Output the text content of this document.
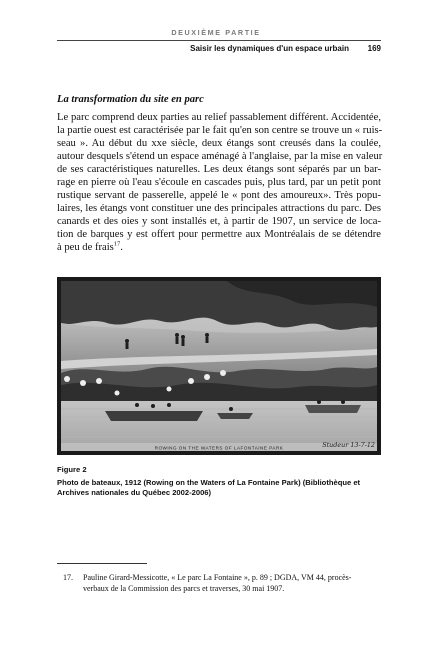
DEUXIÈME PARTIE
Saisir les dynamiques d'un espace urbain 169
La transformation du site en parc
Le parc comprend deux parties au relief passablement différent. Accidentée,
la partie ouest est caractérisée par le fait qu'en son centre se trouve un « ruis-
seau ». Au début du xxe siècle, deux étangs sont creusés dans la coulée,
autour desquels s'étend un espace aménagé à l'anglaise, par la mise en valeur
de ses caractéristiques naturelles. Les deux étangs sont séparés par un bar-
rage en pierre où l'eau s'écoule en cascades puis, plus tard, par un petit pont
rustique servant de passerelle, appelé le « pont des amoureux». Très popu-
laires, les étangs vont constituer une des principales attractions du parc. Des
canards et des oies y sont installés et, à partir de 1907, un service de loca-
tion de barques y est offert pour permettre aux Montréalais de se détendre
à peu de frais$^{17}$.
ROWING ON THE WATERS OF LAFONTAINE PARK	Studeur 13-7-12
Figure 2
Photo de bateaux, 1912 (Rowing on the Waters of La Fontaine Park) (Bibliothèque et
Archives nationales du Québec 2002-2006)
17. Pauline Girard-Messicotte, « Le parc La Fontaine », p. 89 ; DGDA, VM 44, procès-
verbaux de la Commission des parcs et traverses, 30 mai 1907.
